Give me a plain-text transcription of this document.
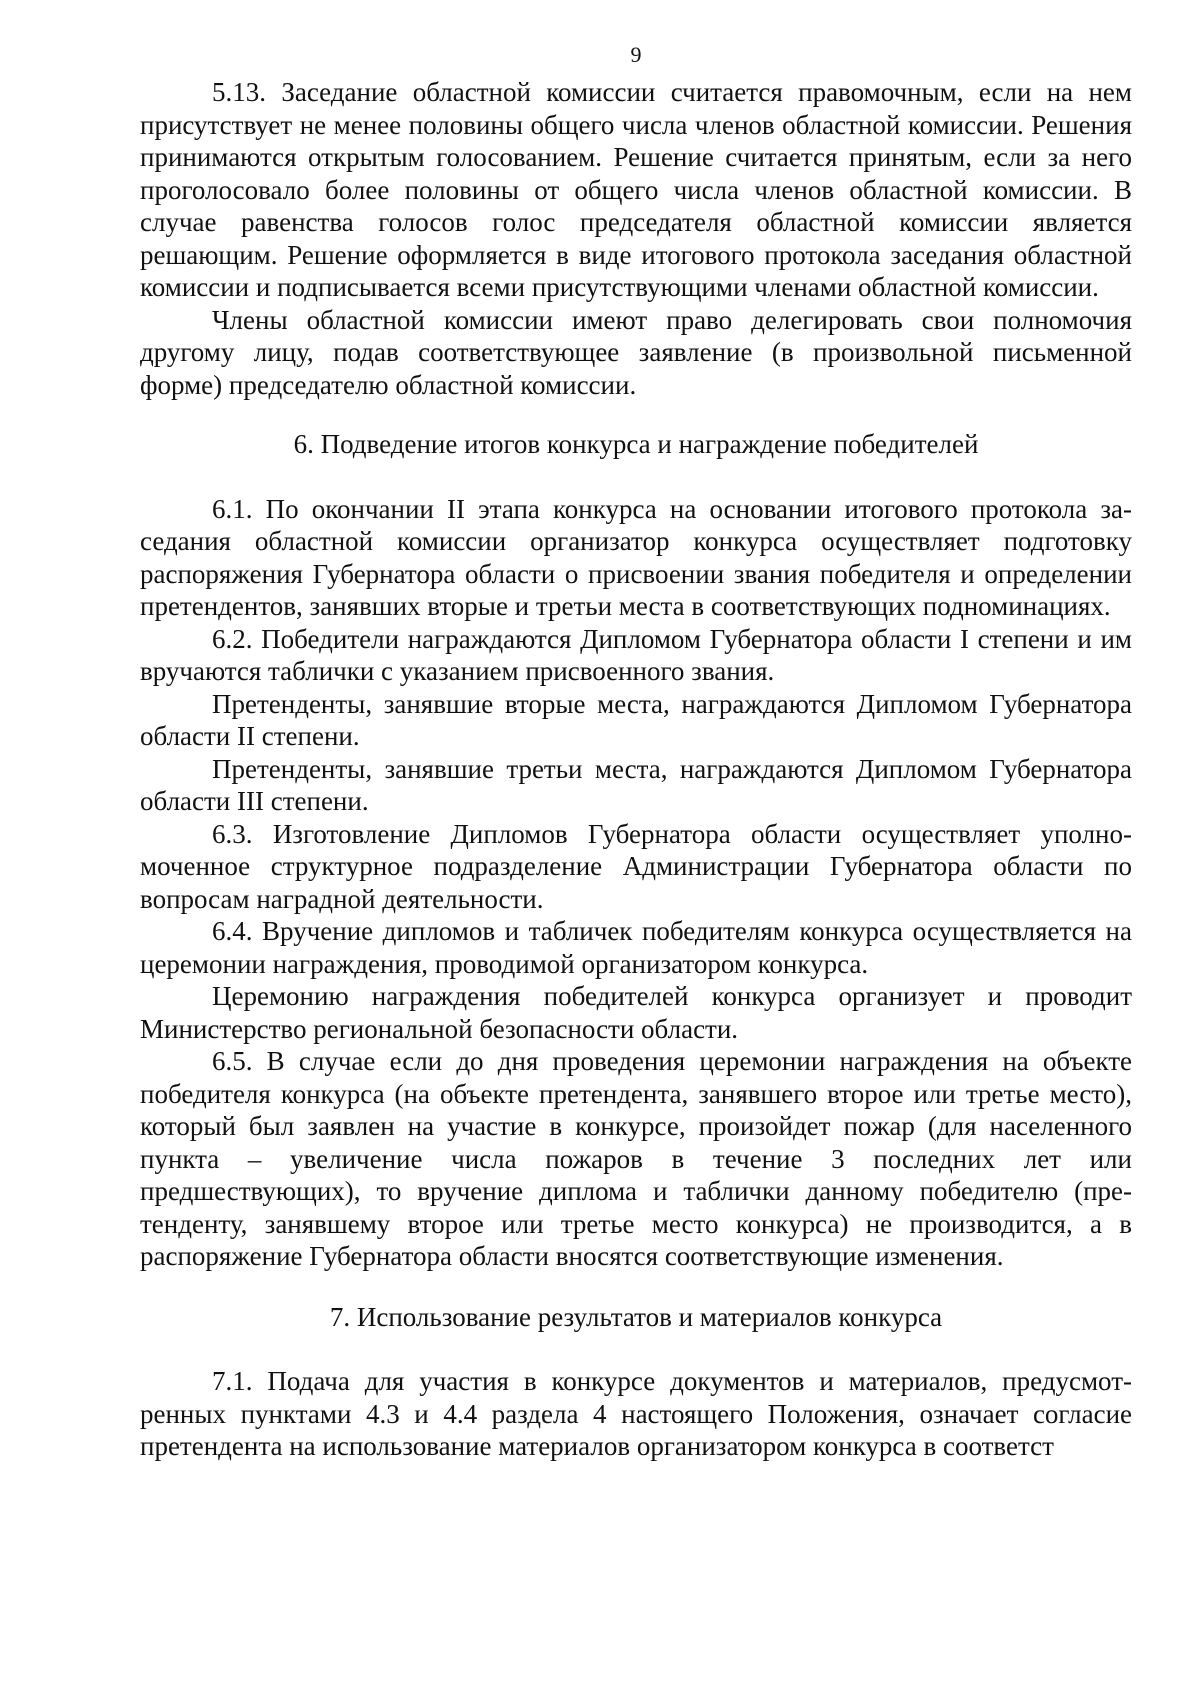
9

5.13. Заседание областной комиссии считается правомочным, если на нем присутствует не менее половины общего числа членов областной комиссии. Решения принимаются открытым голосованием. Решение считается принятым, если за него проголосовало более половины от общего числа членов областной комиссии. В случае равенства голосов голос председателя областной комиссии является решающим. Решение оформляется в виде итогового протокола заседания областной комиссии и подписывается всеми присутствующими членами областной комиссии.

Члены областной комиссии имеют право делегировать свои полномочия другому лицу, подав соответствующее заявление (в произвольной письменной форме) председателю областной комиссии.

6. Подведение итогов конкурса и награждение победителей

6.1. По окончании II этапа конкурса на основании итогового протокола заседания областной комиссии организатор конкурса осуществляет подготовку распоряжения Губернатора области о присвоении звания победителя и определении претендентов, занявших вторые и третьи места в соответствующих подноминациях.

6.2. Победители награждаются Дипломом Губернатора области I степени и им вручаются таблички с указанием присвоенного звания.

Претенденты, занявшие вторые места, награждаются Дипломом Губернатора области II степени.

Претенденты, занявшие третьи места, награждаются Дипломом Губернатора области III степени.

6.3. Изготовление Дипломов Губернатора области осуществляет уполномоченное структурное подразделение Администрации Губернатора области по вопросам наградной деятельности.

6.4. Вручение дипломов и табличек победителям конкурса осуществляется на церемонии награждения, проводимой организатором конкурса.

Церемонию награждения победителей конкурса организует и проводит Министерство региональной безопасности области.

6.5. В случае если до дня проведения церемонии награждения на объекте победителя конкурса (на объекте претендента, занявшего второе или третье место), который был заявлен на участие в конкурсе, произойдет пожар (для населенного пункта – увеличение числа пожаров в течение 3 последних лет или предшествующих), то вручение диплома и таблички данному победителю (претенденту, занявшему второе или третье место конкурса) не производится, а в распоряжение Губернатора области вносятся соответствующие изменения.

7. Использование результатов и материалов конкурса

7.1. Подача для участия в конкурсе документов и материалов, предусмотренных пунктами 4.3 и 4.4 раздела 4 настоящего Положения, означает согласие претендента на использование материалов организатором конкурса в соответст
